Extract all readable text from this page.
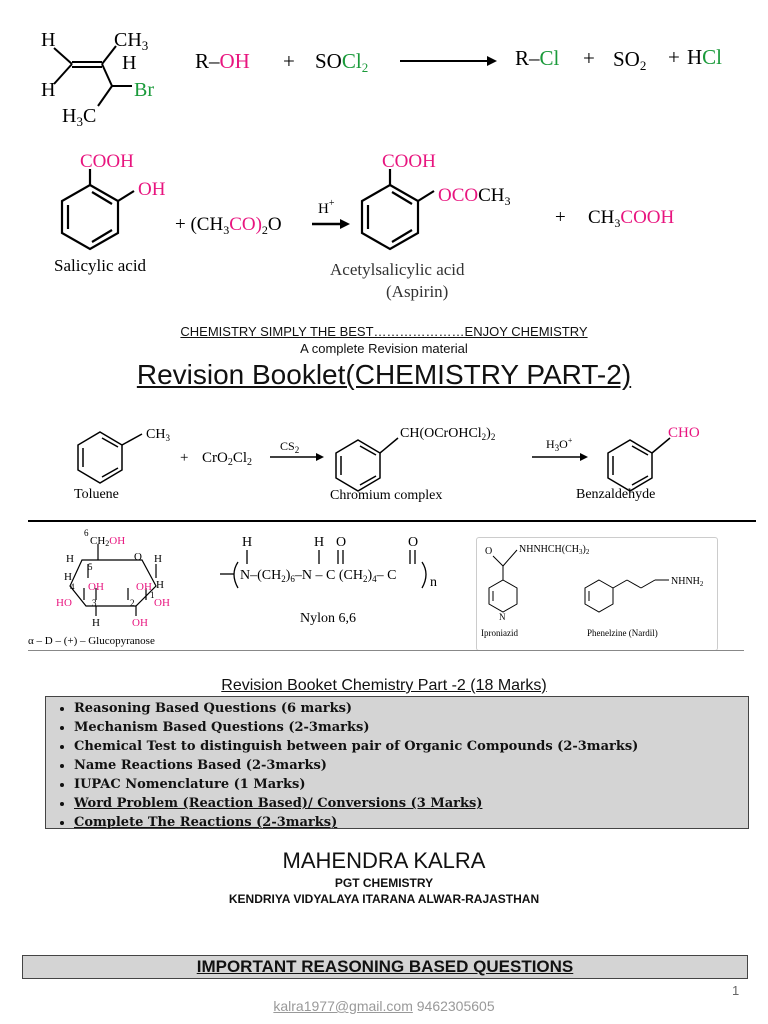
H	$CH_3$
H
H
Br
$H_3C$
R–OH + SOCl2	R–Cl + SO2 + HCl
COOH
OH
Salicylic acid
+ $(CH_3CO)_2O$
H+
COOH
$OCOCH_3$
+ $CH_3COOH$
Acetylsalicylic acid
(Aspirin)
CHEMISTRY SIMPLY THE BEST…………………ENJOY CHEMISTRY
A complete Revision material
Revision Booklet(CHEMISTRY PART-2)
$CH_3$
+ $CrO_2Cl_2$
$CS_2$
$CH(OCrOHCl_2)_2$	$H_3O^+$	CHO
Toluene	Chromium complex	Benzaldehyde
6
CH2OH
H
5
O H
H
4	H
1
OH	OH
HO 3	2 OH
H	OH
α – D – (+) – Glucopyranose
H	H O	O
$N-(CH_2)_6-N$ – C $(CH_2)_4-$ C n
Nylon 6,6
O	$NHNHCH(CH_3)_2$
N
$NHNH_2$
Iproniazid	Phenelzine (Nardil)
Revision Booket Chemistry Part -2 (18 Marks)
• Reasoning Based Questions (6 marks)
• Mechanism Based Questions (2-3marks)
• Chemical Test to distinguish between pair of Organic Compounds (2-3marks)
• Name Reactions Based (2-3marks)
• IUPAC Nomenclature (1 Marks)
• Word Problem (Reaction Based)/ Conversions (3 Marks)
• Complete The Reactions (2-3marks)
MAHENDRA KALRA
PGT CHEMISTRY
KENDRIYA VIDYALAYA ITARANA ALWAR-RAJASTHAN
IMPORTANT REASONING BASED QUESTIONS
1
kalra1977@gmail.com 9462305605
